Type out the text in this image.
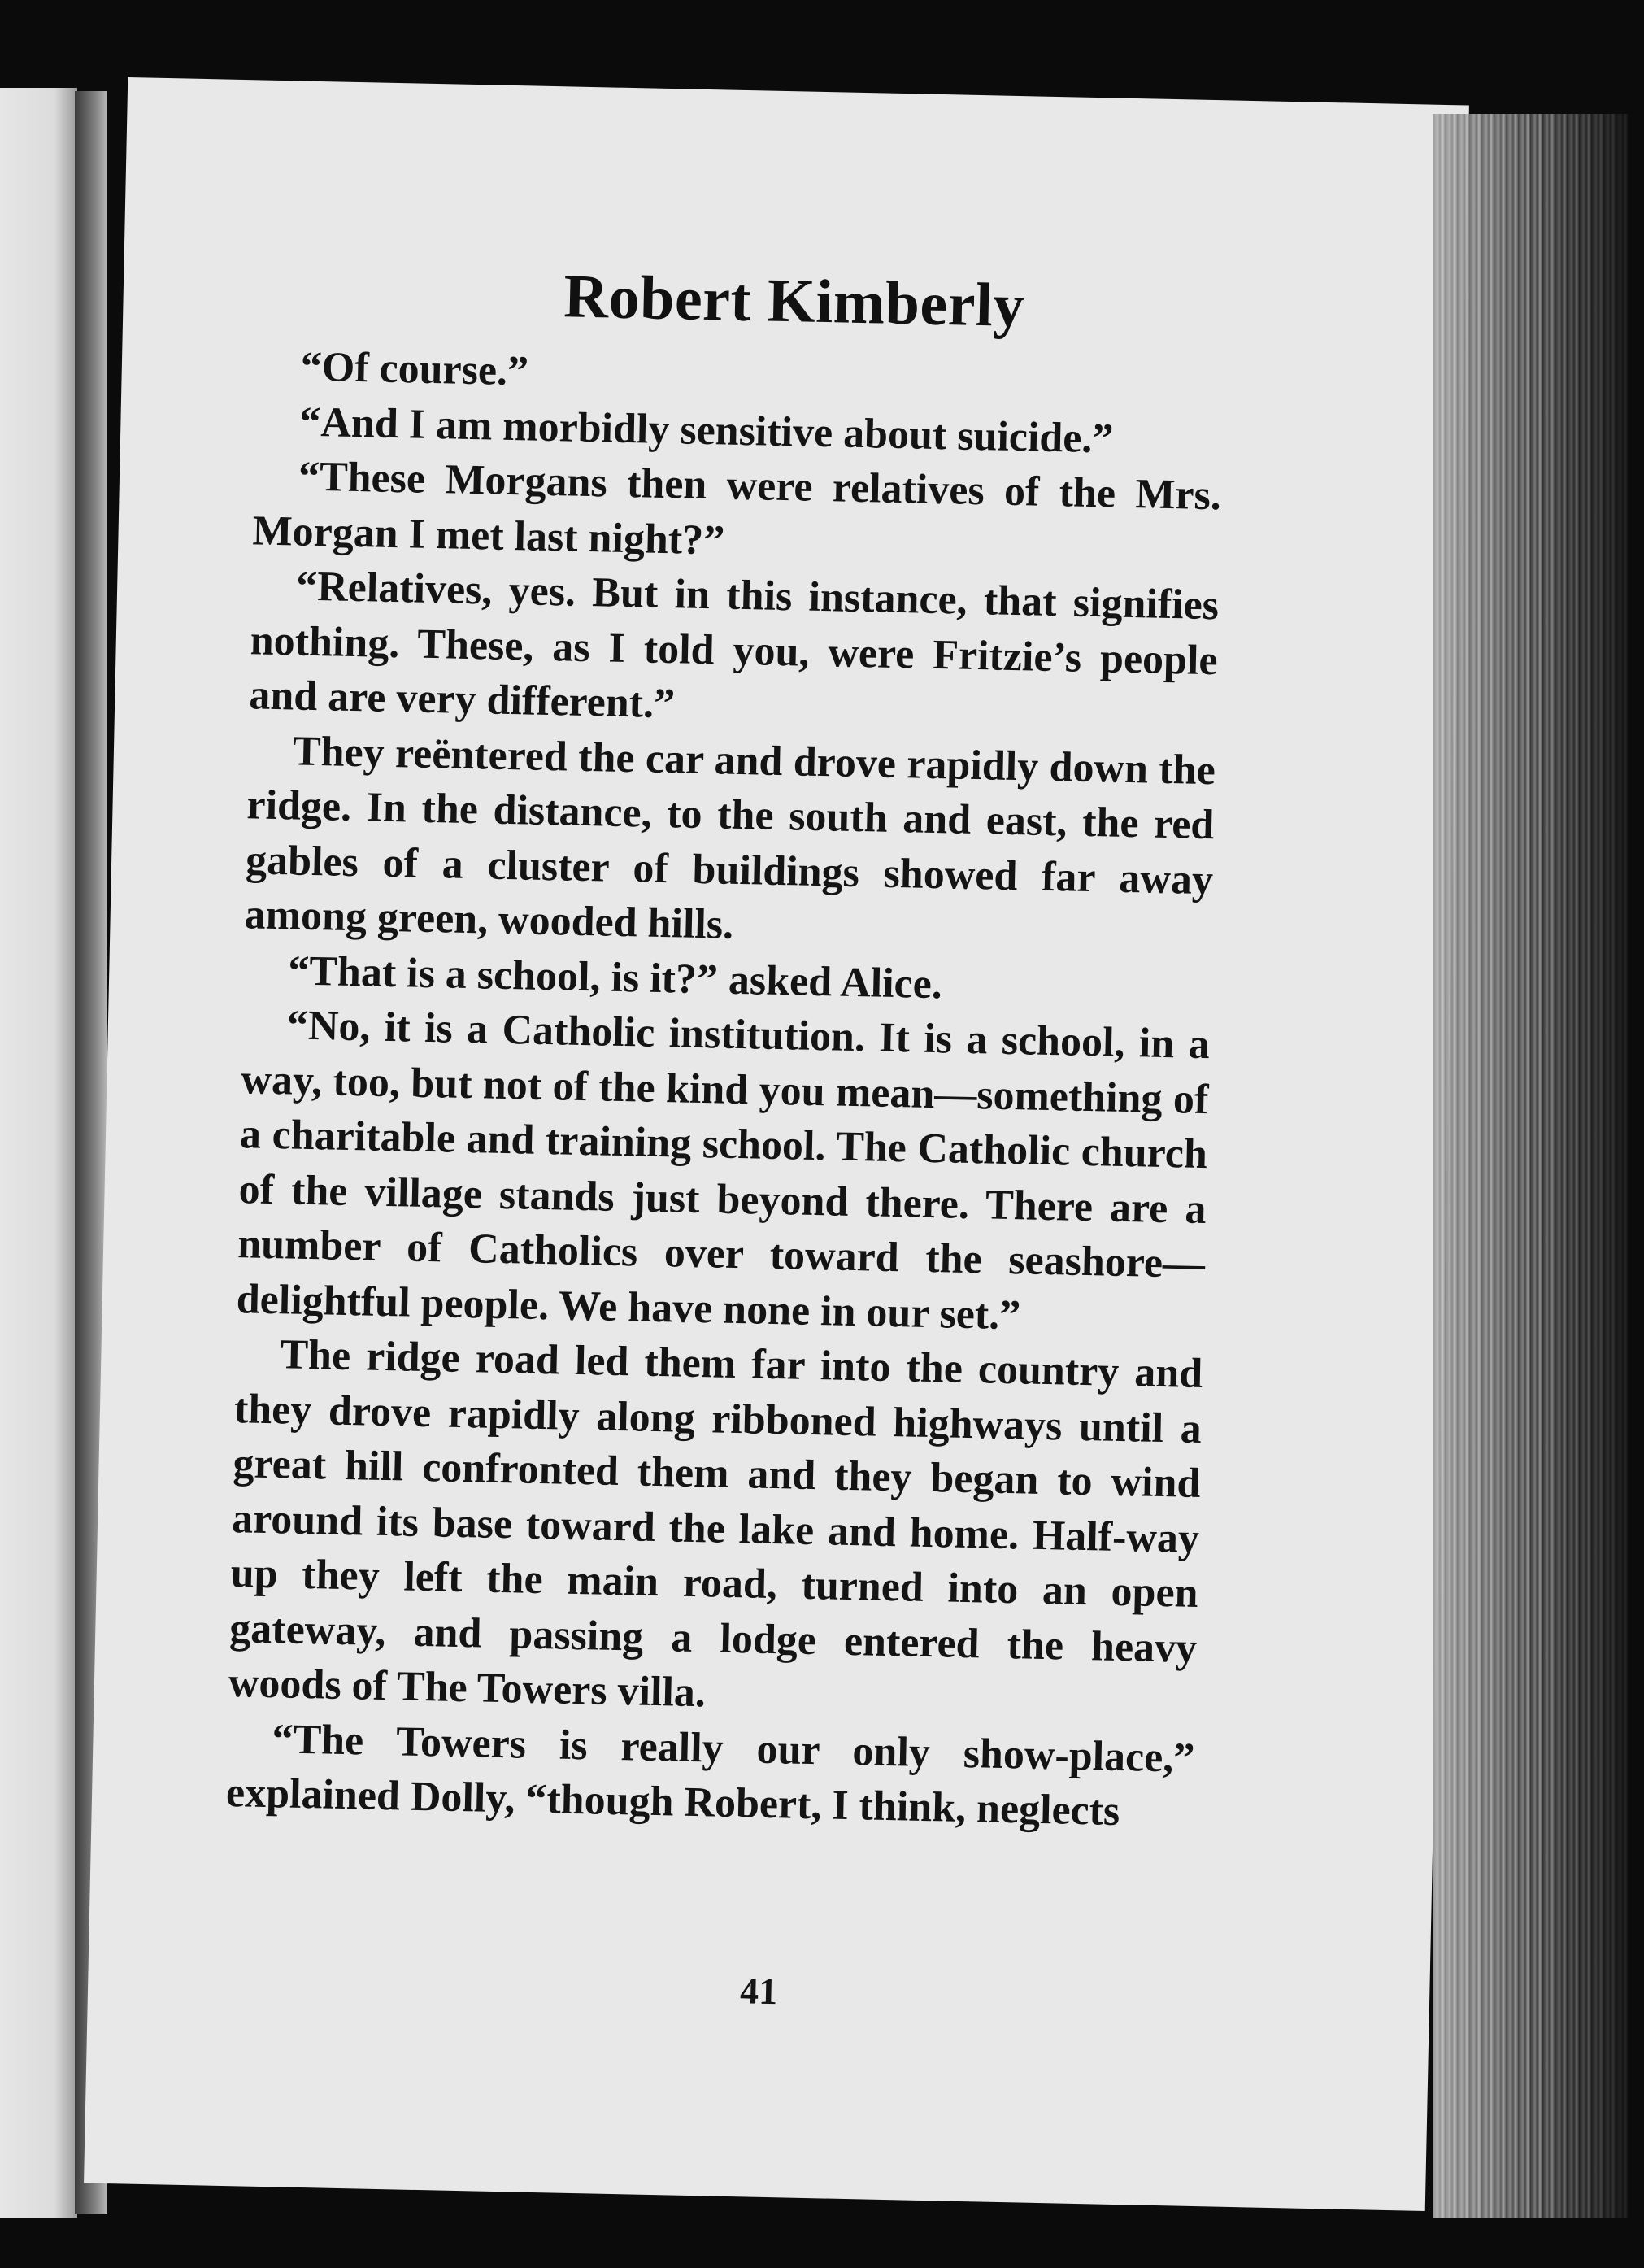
Robert Kimberly

“Of course.”

“And I am morbidly sensitive about suicide.”

“These Morgans then were relatives of the Mrs. Morgan I met last night?”

“Relatives, yes. But in this instance, that signifies nothing. These, as I told you, were Fritzie’s people and are very different.”

They reëntered the car and drove rapidly down the ridge. In the distance, to the south and east, the red gables of a cluster of buildings showed far away among green, wooded hills.

“That is a school, is it?” asked Alice.

“No, it is a Catholic institution. It is a school, in a way, too, but not of the kind you mean—something of a charitable and training school. The Catholic church of the village stands just beyond there. There are a number of Catholics over toward the seashore—delightful people. We have none in our set.”

The ridge road led them far into the country and they drove rapidly along ribboned highways until a great hill confronted them and they began to wind around its base toward the lake and home. Half-way up they left the main road, turned into an open gateway, and passing a lodge entered the heavy woods of The Towers villa.

“The Towers is really our only show-place,” explained Dolly, “though Robert, I think, neglects

41
